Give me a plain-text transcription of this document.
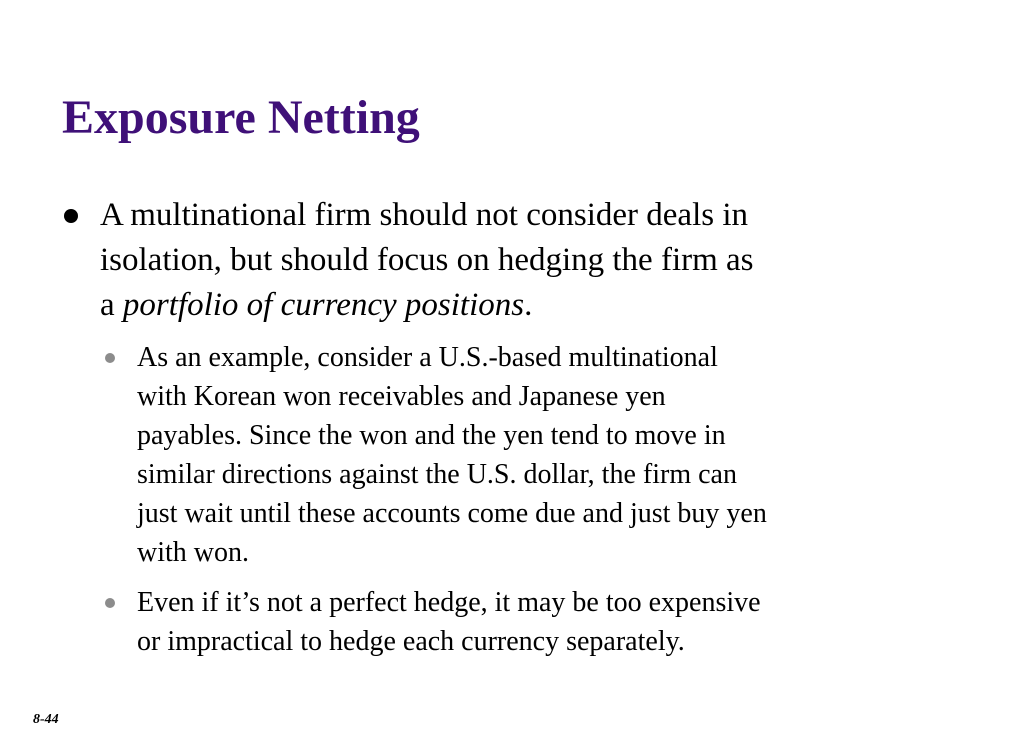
Exposure Netting
A multinational firm should not consider deals in
isolation, but should focus on hedging the firm as
a portfolio of currency positions.
As an example, consider a U.S.-based multinational
with Korean won receivables and Japanese yen
payables. Since the won and the yen tend to move in
similar directions against the U.S. dollar, the firm can
just wait until these accounts come due and just buy yen
with won.
Even if it’s not a perfect hedge, it may be too expensive
or impractical to hedge each currency separately.
8-44
